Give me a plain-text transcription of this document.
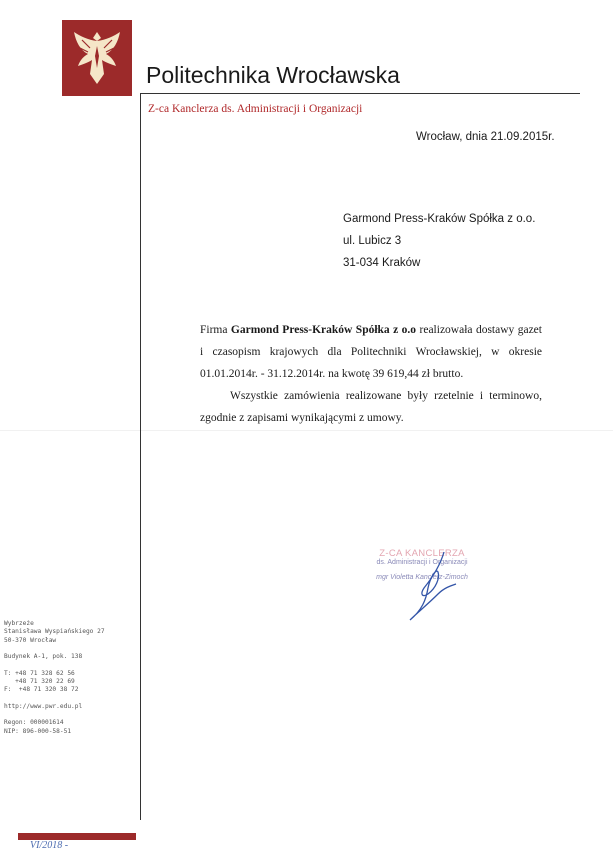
Politechnika Wrocławska
Z-ca Kanclerza ds. Administracji i Organizacji
Wrocław, dnia 21.09.2015r.
Garmond Press-Kraków Spółka z o.o.
ul. Lubicz 3
31-034 Kraków

Firma Garmond Press-Kraków Spółka z o.o realizowała dostawy gazet i czasopism krajowych dla Politechniki Wrocławskiej, w okresie 01.01.2014r. - 31.12.2014r. na kwotę 39 619,44 zł brutto.

Wszystkie zamówienia realizowane były rzetelnie i terminowo, zgodnie z zapisami wynikającymi z umowy.

Z-CA KANCLERZA
ds. Administracji i Organizacji
mgr Violetta Kanclerz-Zimoch
Wybrzeże
Stanisława Wyspiańskiego 27
50-370 Wrocław
Budynek A-1, pok. 138
T: +48 71 328 62 56
+48 71 320 22 69
F:  +48 71 320 38 72
http://www.pwr.edu.pl
Regon: 000001614
NIP: 896-000-58-51
VI/2018 -
